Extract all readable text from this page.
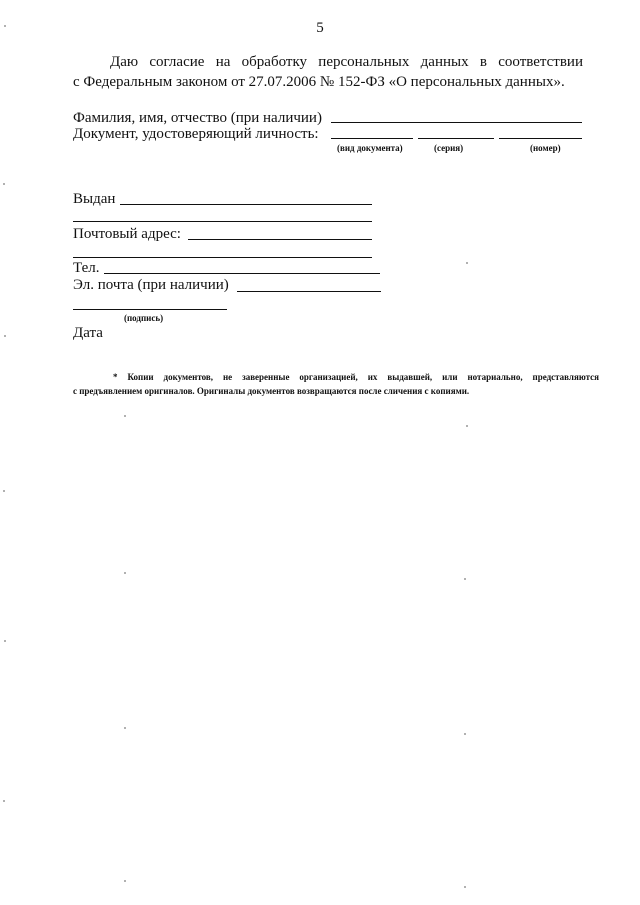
5
Даю согласие на обработку персональных данных в соответствии
с Федеральным законом от 27.07.2006 № 152-ФЗ «О персональных данных».
Фамилия, имя, отчество (при наличии)
Документ, удостоверяющий личность:
(вид документа)	(серия)	(номер)
Выдан
Почтовый адрес:
Тел.
Эл. почта (при наличии)
(подпись)
Дата
* Копии документов, не заверенные организацией, их выдавшей, или нотариально, представляются
с предъявлением оригиналов. Оригиналы документов возвращаются после сличения с копиями.
